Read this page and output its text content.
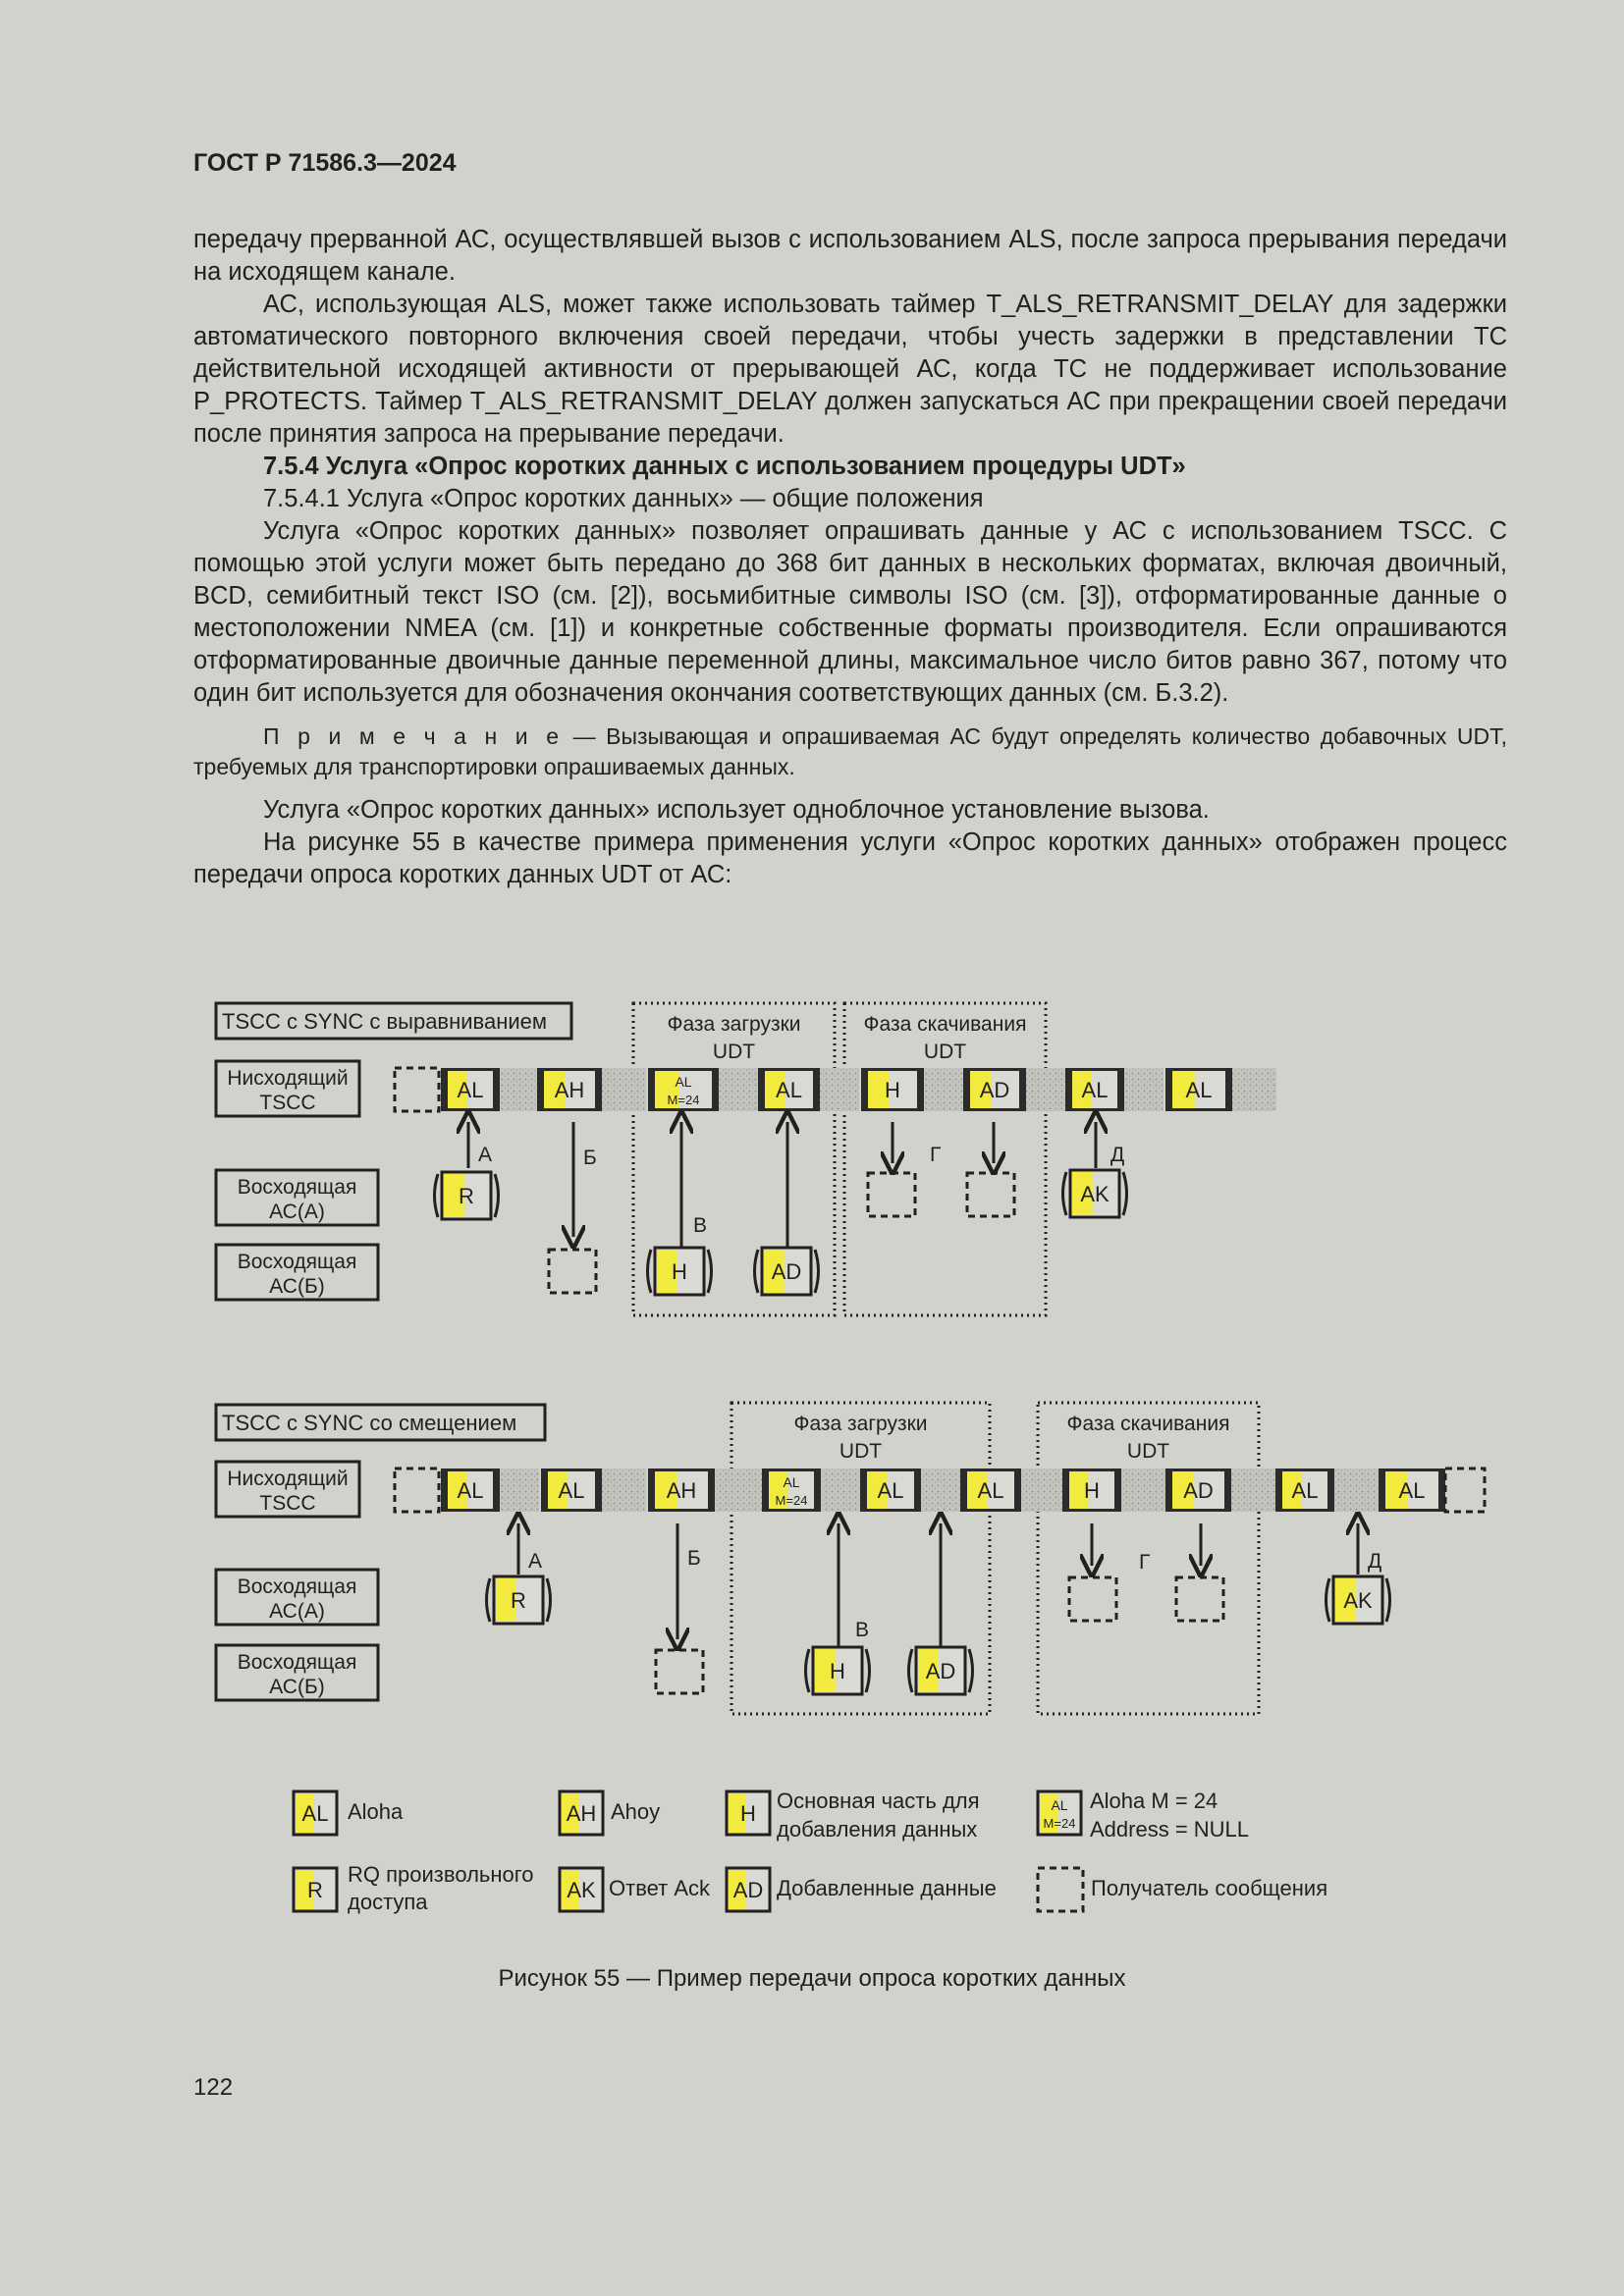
ГОСТ Р 71586.3—2024

передачу прерванной АС, осуществлявшей вызов с использованием ALS, после запроса прерывания передачи на исходящем канале.

АС, использующая ALS, может также использовать таймер T_ALS_RETRANSMIT_DELAY для задержки автоматического повторного включения своей передачи, чтобы учесть задержки в представлении ТС действительной исходящей активности от прерывающей АС, когда ТС не поддерживает использование P_PROTECTS. Таймер T_ALS_RETRANSMIT_DELAY должен запускаться АС при прекращении своей передачи после принятия запроса на прерывание передачи.

7.5.4 Услуга «Опрос коротких данных с использованием процедуры UDT»

7.5.4.1 Услуга «Опрос коротких данных» — общие положения

Услуга «Опрос коротких данных» позволяет опрашивать данные у АС с использованием TSCC. С помощью этой услуги может быть передано до 368 бит данных в нескольких форматах, включая двоичный, BCD, семибитный текст ISO (см. [2]), восьмибитные символы ISO (см. [3]), отформатированные данные о местоположении NMEA (см. [1]) и конкретные собственные форматы производителя. Если опрашиваются отформатированные двоичные данные переменной длины, максимальное число битов равно 367, потому что один бит используется для обозначения окончания соответствующих данных (см. Б.3.2).

П р и м е ч а н и е — Вызывающая и опрашиваемая АС будут определять количество добавочных UDT, требуемых для транспортировки опрашиваемых данных.

Услуга «Опрос коротких данных» использует одноблочное установление вызова.

На рисунке 55 в качестве примера применения услуги «Опрос коротких данных» отображен процесс передачи опроса коротких данных UDT от АС:

TSCC с SYNC с выравниванием
Нисходящий
TSCC
Восходящая
АС(А)
Восходящая
АС(Б)
Фаза загрузки
UDT
Фаза скачивания
UDT
AL	AH	AL
M=24	AL	H	AD	AL	AL
R	AK
H	AD
А	Б
В
Г	Д
TSCC с SYNC со смещением
Нисходящий
TSCC
Восходящая
АС(А)
Восходящая
АС(Б)
Фаза загрузки
UDT
Фаза скачивания
UDT
AL	AL	AH	AL
M=24	AL	AL	H	AD	AL	AL
R	AK
H	AD
А	Б
В
Г	Д
AL Aloha	AH Ahoy	H
Основная часть для
добавления данных
AL
M=24
Aloha M = 24
Address = NULL
R
RQ произвольного
доступа	AK Ответ Ack AD Добавленные данные	Получатель сообщения
Рисунок 55 — Пример передачи опроса коротких данных
122
